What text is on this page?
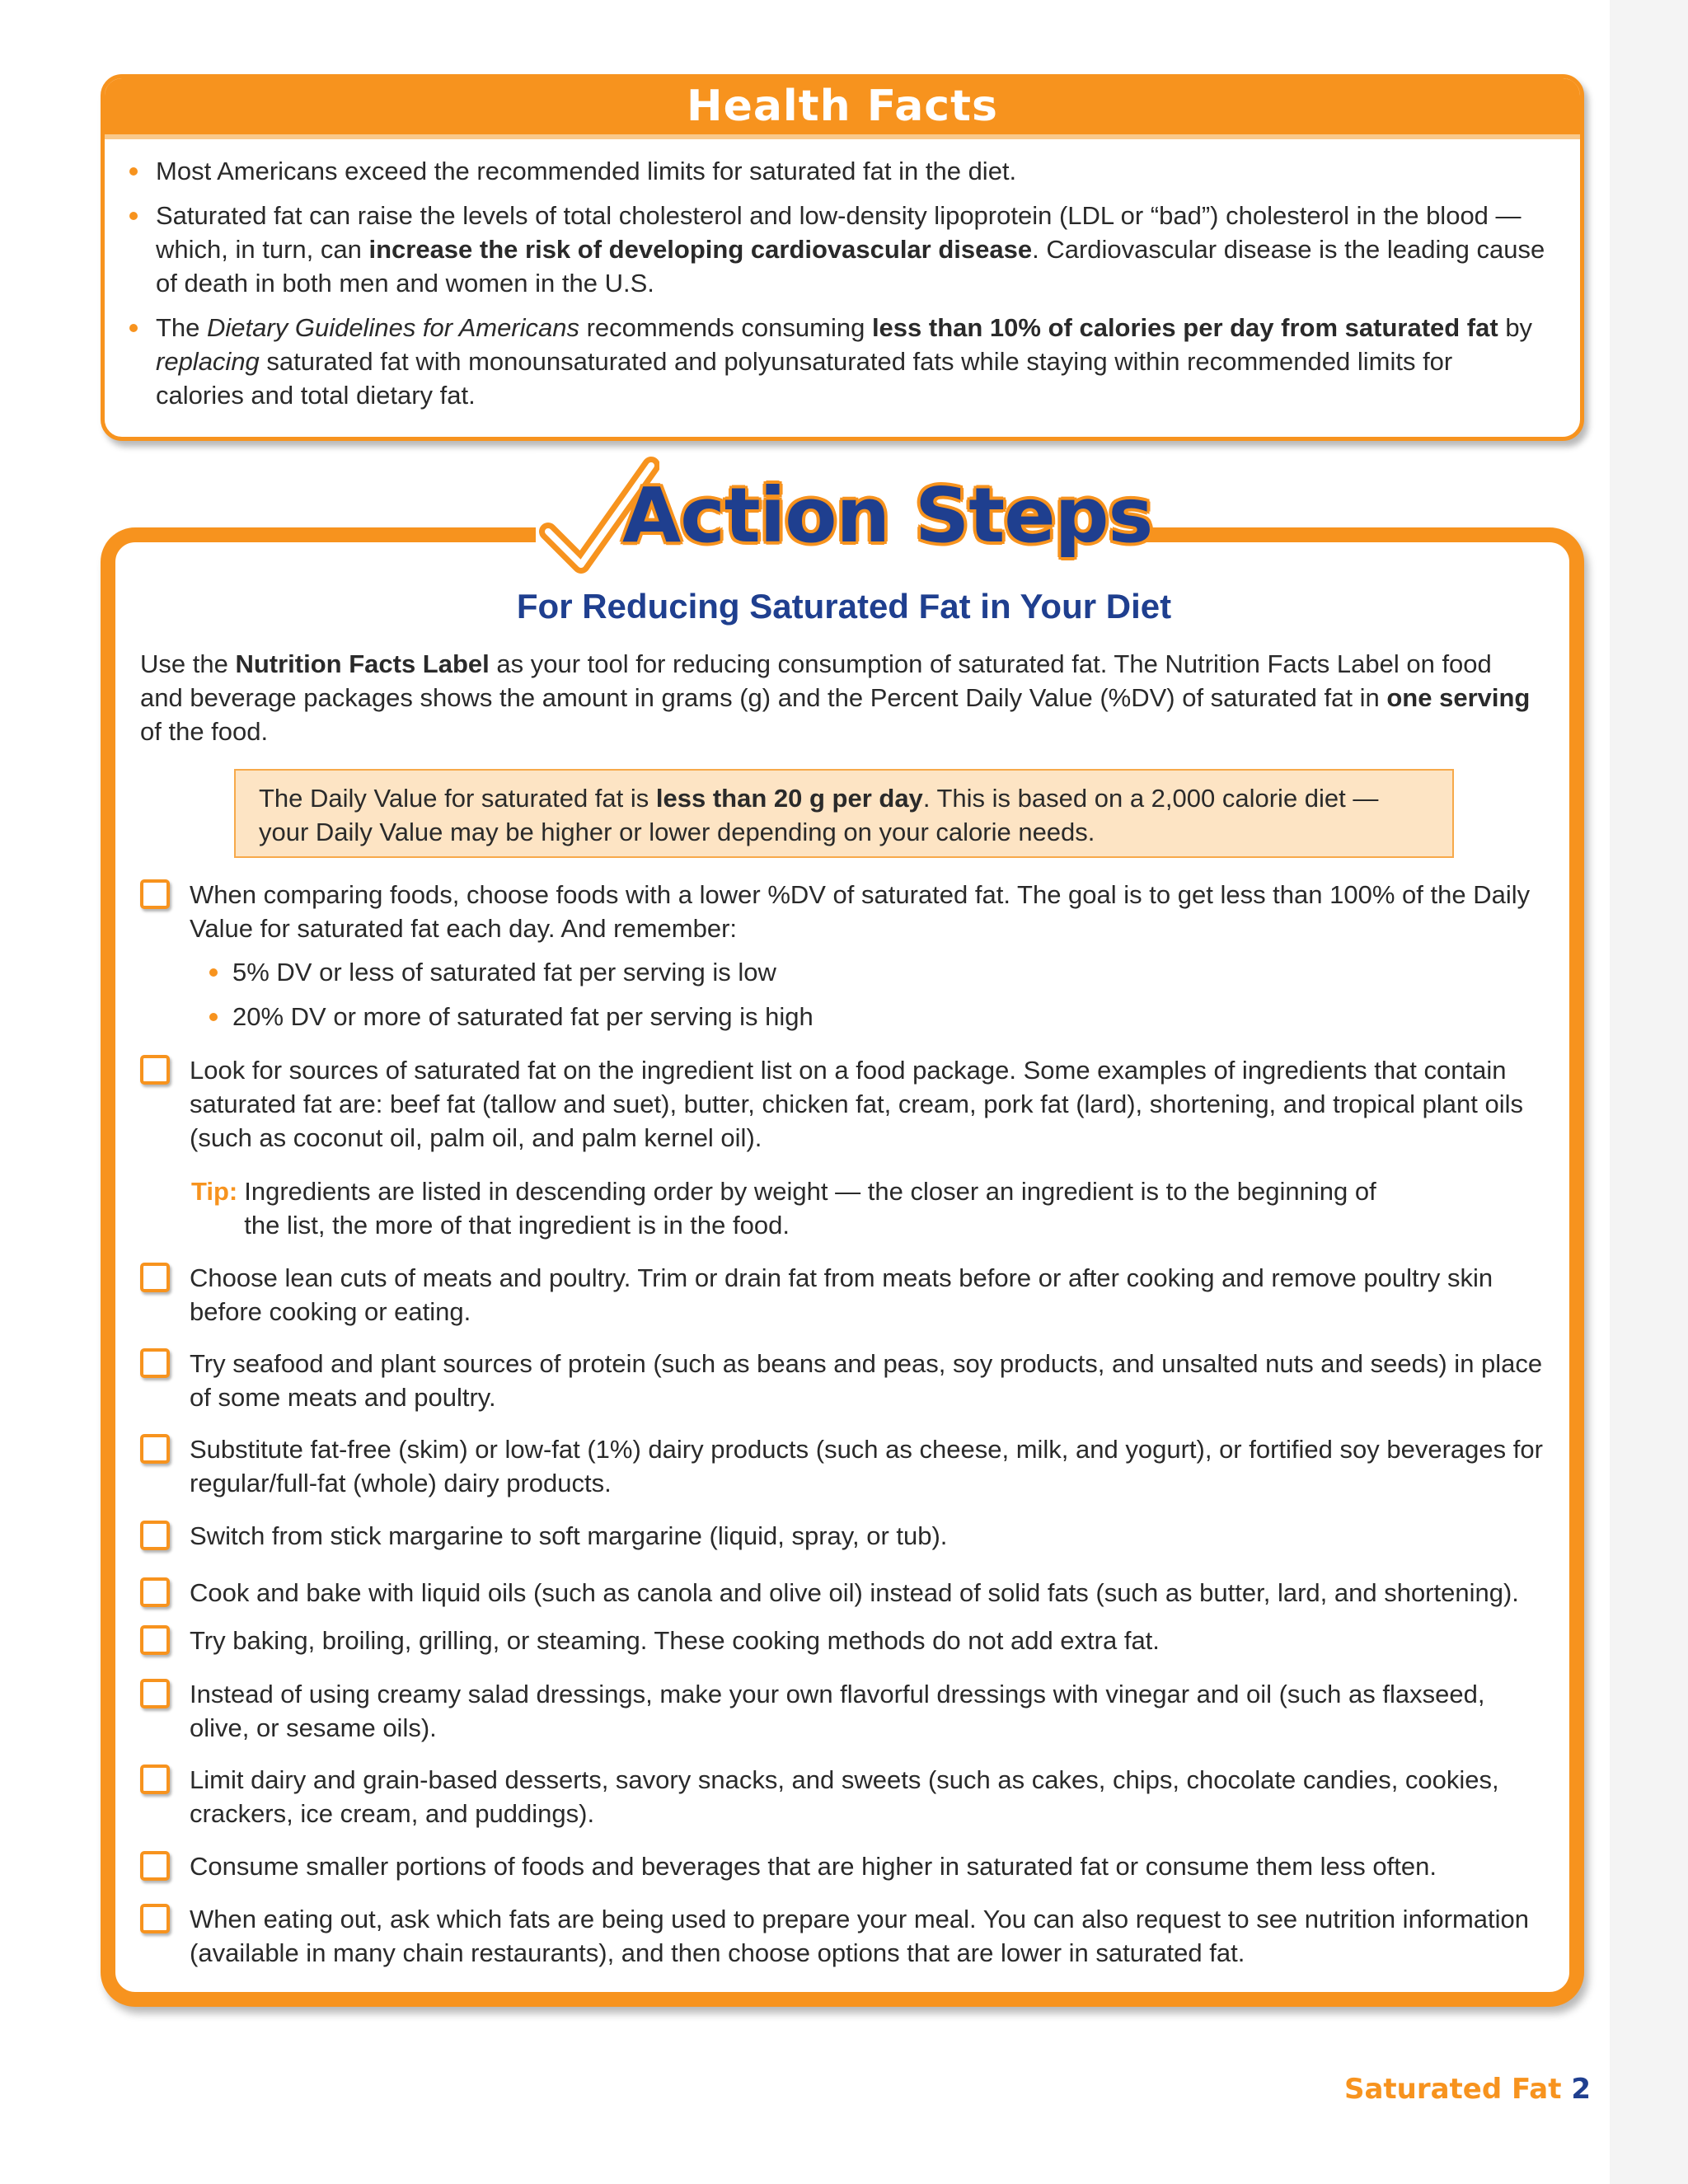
Health Facts
Most Americans exceed the recommended limits for saturated fat in the diet.
Saturated fat can raise the levels of total cholesterol and low-density lipoprotein (LDL or “bad”) cholesterol in the blood — which, in turn, can increase the risk of developing cardiovascular disease. Cardiovascular disease is the leading cause of death in both men and women in the U.S.
The Dietary Guidelines for Americans recommends consuming less than 10% of calories per day from saturated fat by replacing saturated fat with monounsaturated and polyunsaturated fats while staying within recommended limits for calories and total dietary fat.
Action Steps
For Reducing Saturated Fat in Your Diet
Use the Nutrition Facts Label as your tool for reducing consumption of saturated fat. The Nutrition Facts Label on food and beverage packages shows the amount in grams (g) and the Percent Daily Value (%DV) of saturated fat in one serving of the food.
The Daily Value for saturated fat is less than 20 g per day. This is based on a 2,000 calorie diet — your Daily Value may be higher or lower depending on your calorie needs.
When comparing foods, choose foods with a lower %DV of saturated fat. The goal is to get less than 100% of the Daily Value for saturated fat each day. And remember:
5% DV or less of saturated fat per serving is low
20% DV or more of saturated fat per serving is high
Look for sources of saturated fat on the ingredient list on a food package. Some examples of ingredients that contain saturated fat are: beef fat (tallow and suet), butter, chicken fat, cream, pork fat (lard), shortening, and tropical plant oils (such as coconut oil, palm oil, and palm kernel oil).
Tip: Ingredients are listed in descending order by weight — the closer an ingredient is to the beginning of the list, the more of that ingredient is in the food.
Choose lean cuts of meats and poultry. Trim or drain fat from meats before or after cooking and remove poultry skin before cooking or eating.
Try seafood and plant sources of protein (such as beans and peas, soy products, and unsalted nuts and seeds) in place of some meats and poultry.
Substitute fat-free (skim) or low-fat (1%) dairy products (such as cheese, milk, and yogurt), or fortified soy beverages for regular/full-fat (whole) dairy products.
Switch from stick margarine to soft margarine (liquid, spray, or tub).
Cook and bake with liquid oils (such as canola and olive oil) instead of solid fats (such as butter, lard, and shortening).
Try baking, broiling, grilling, or steaming. These cooking methods do not add extra fat.
Instead of using creamy salad dressings, make your own flavorful dressings with vinegar and oil (such as flaxseed, olive, or sesame oils).
Limit dairy and grain-based desserts, savory snacks, and sweets (such as cakes, chips, chocolate candies, cookies, crackers, ice cream, and puddings).
Consume smaller portions of foods and beverages that are higher in saturated fat or consume them less often.
When eating out, ask which fats are being used to prepare your meal. You can also request to see nutrition information (available in many chain restaurants), and then choose options that are lower in saturated fat.
Saturated Fat 2
